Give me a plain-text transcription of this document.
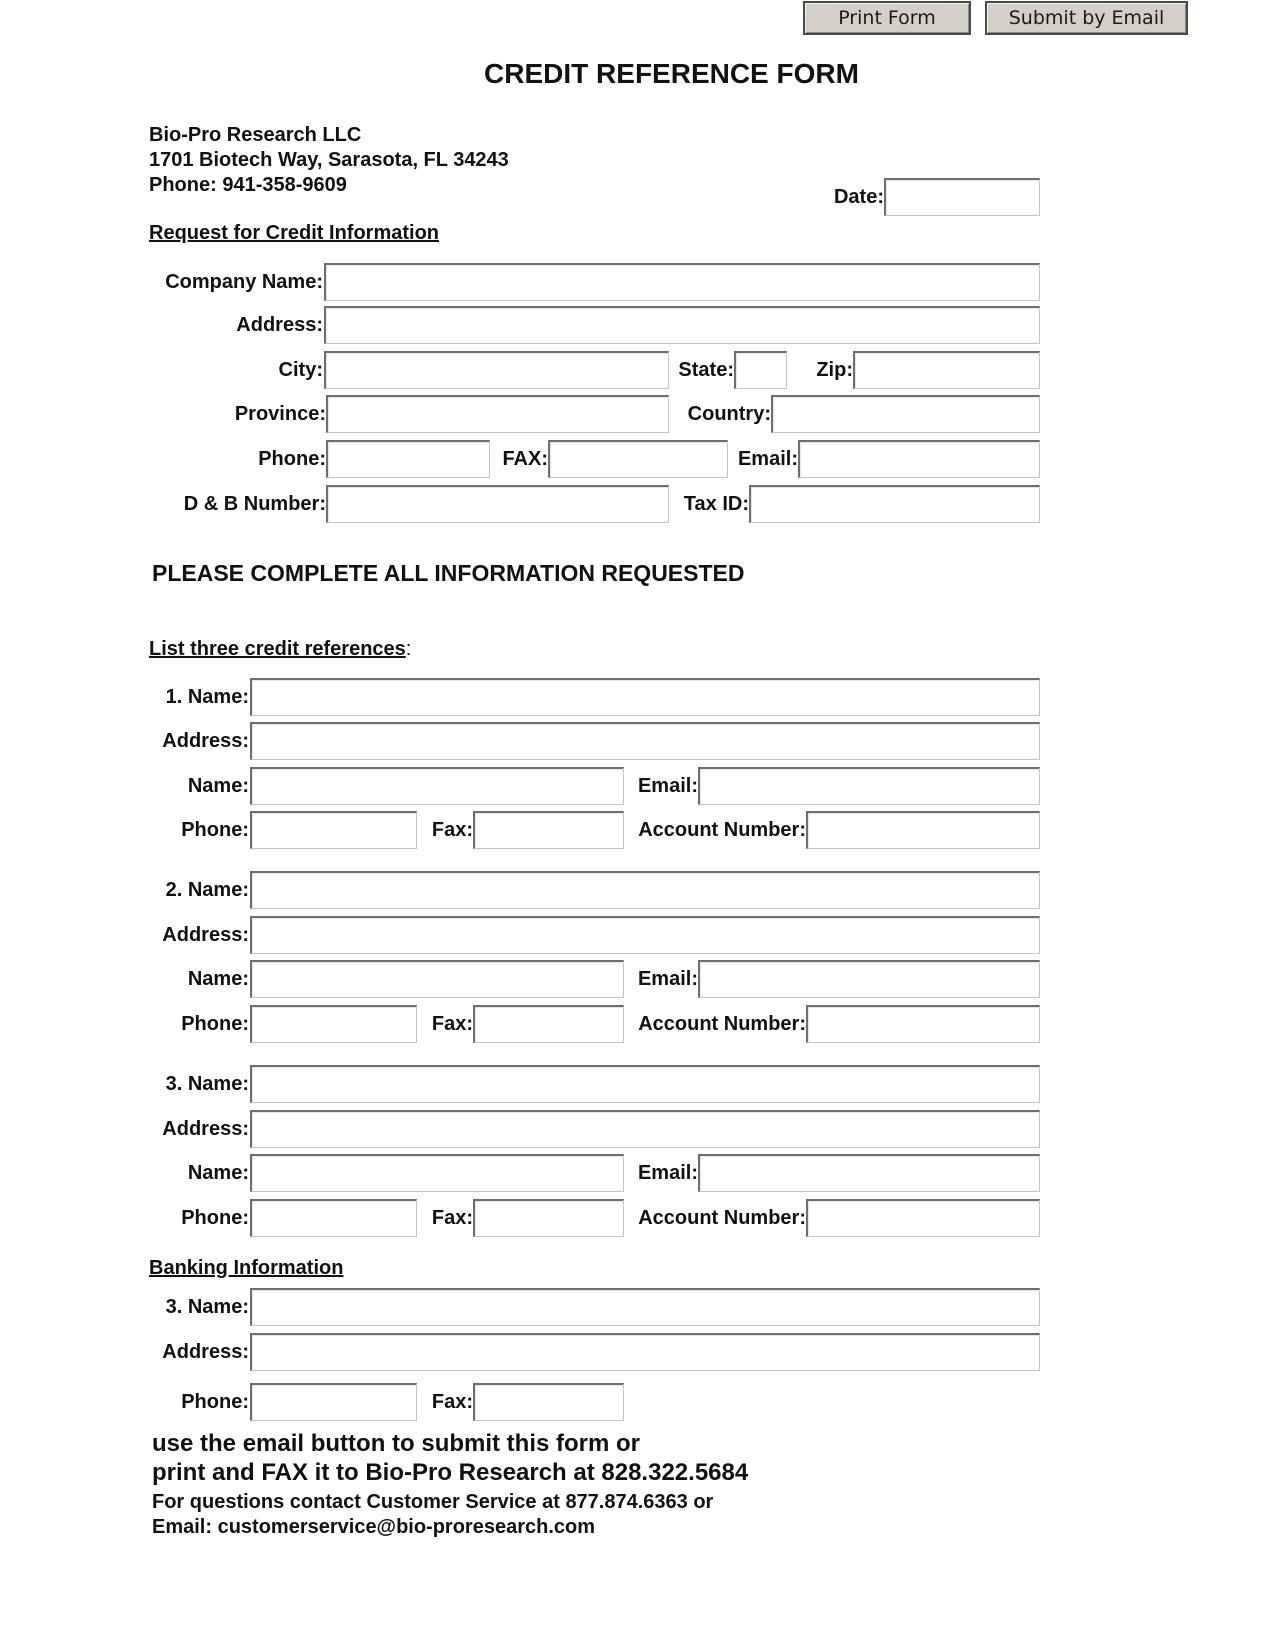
Print Form	Submit by Email
CREDIT REFERENCE FORM
Bio-Pro Research LLC
1701 Biotech Way, Sarasota, FL 34243
Phone: 941-358-9609
Date:
Request for Credit Information
Company Name:
Address:
City:	State:	Zip:
Province:	Country:
Phone:	FAX:	Email:
D & B Number:	Tax ID:
PLEASE COMPLETE ALL INFORMATION REQUESTED
List three credit references:
1. Name:
Address:
Name:	Email:
Phone:	Fax:	Account Number:
2. Name:
Address:
Name:	Email:
Phone:	Fax:	Account Number:
3. Name:
Address:
Name:	Email:
Phone:	Fax:	Account Number:
Banking Information
3. Name:
Address:
Phone:	Fax:
use the email button to submit this form or
print and FAX it to Bio-Pro Research at 828.322.5684
For questions contact Customer Service at 877.874.6363 or
Email: customerservice@bio-proresearch.com
